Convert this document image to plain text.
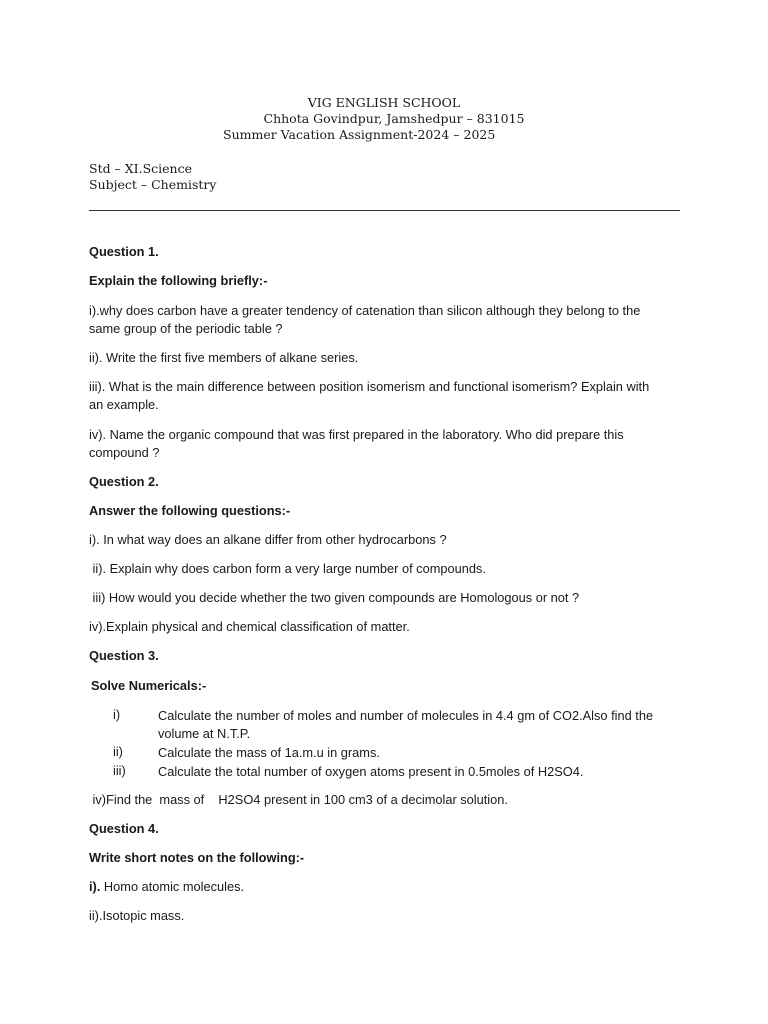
VIG ENGLISH SCHOOL
Chhota Govindpur, Jamshedpur – 831015
Summer Vacation Assignment-2024 – 2025
Std – XI.Science
Subject – Chemistry
Question 1.
Explain the following briefly:-
i).why does carbon have a greater tendency of catenation than silicon although they belong to the same group of the periodic table ?
ii). Write the first five members of alkane series.
iii). What is the main difference between position isomerism and functional isomerism? Explain with an example.
iv). Name the organic compound that was first prepared in the laboratory. Who did prepare this compound ?
Question 2.
Answer the following questions:-
i). In what way does an alkane differ from other hydrocarbons ?
ii). Explain why does carbon form a very large number of compounds.
iii) How would you decide whether the two given compounds are Homologous or not ?
iv).Explain physical and chemical classification of matter.
Question 3.
Solve Numericals:-
i)	Calculate the number of moles and number of molecules in 4.4 gm of CO2.Also find the volume at N.T.P.
ii)	Calculate the mass of 1a.m.u in grams.
iii)	Calculate the total number of oxygen atoms present in 0.5moles of H2SO4.
iv)Find the  mass of    H2SO4 present in 100 cm3 of a decimolar solution.
Question 4.
Write short notes on the following:-
i). Homo atomic molecules.
ii).Isotopic mass.
